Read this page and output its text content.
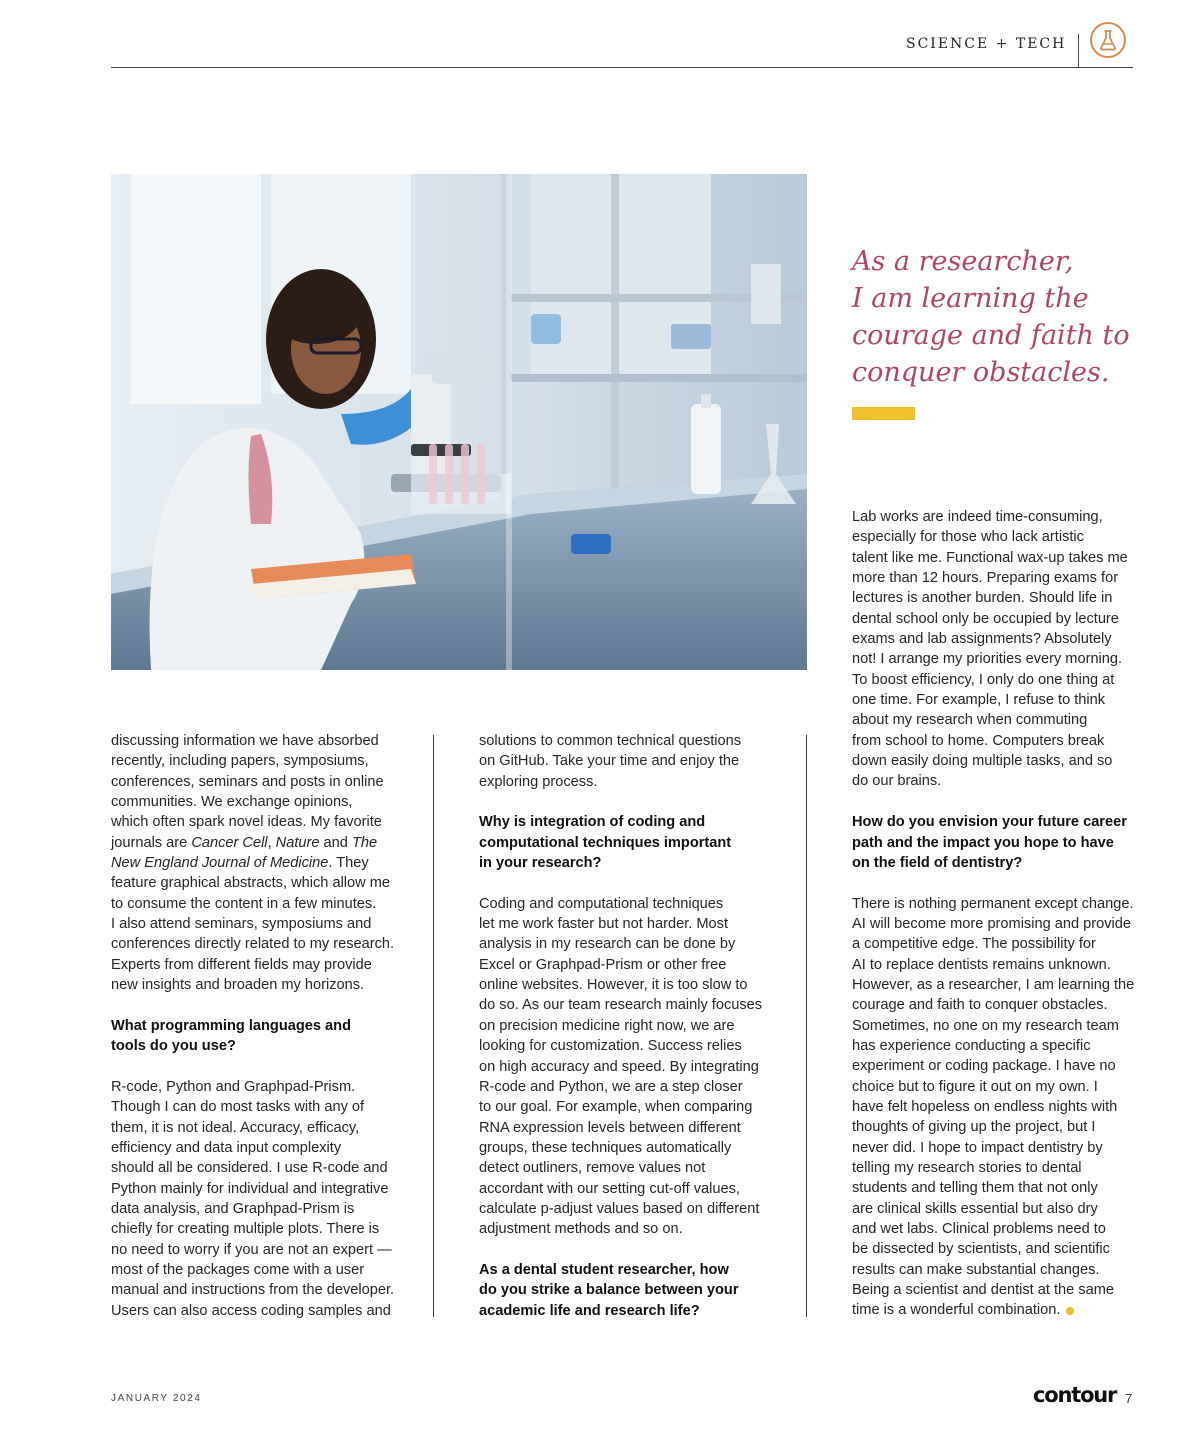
SCIENCE + TECH
As a researcher,
I am learning the
courage and faith to
conquer obstacles.
discussing information we have absorbed
recently, including papers, symposiums,
conferences, seminars and posts in online
communities. We exchange opinions,
which often spark novel ideas. My favorite
journals are Cancer Cell, Nature and The
New England Journal of Medicine. They
feature graphical abstracts, which allow me
to consume the content in a few minutes.
I also attend seminars, symposiums and
conferences directly related to my research.
Experts from different fields may provide
new insights and broaden my horizons.
What programming languages and
tools do you use?
R-code, Python and Graphpad-Prism.
Though I can do most tasks with any of
them, it is not ideal. Accuracy, efficacy,
efficiency and data input complexity
should all be considered. I use R-code and
Python mainly for individual and integrative
data analysis, and Graphpad-Prism is
chiefly for creating multiple plots. There is
no need to worry if you are not an expert —
most of the packages come with a user
manual and instructions from the developer.
Users can also access coding samples and
solutions to common technical questions
on GitHub. Take your time and enjoy the
exploring process.
Why is integration of coding and
computational techniques important
in your research?
Coding and computational techniques
let me work faster but not harder. Most
analysis in my research can be done by
Excel or Graphpad-Prism or other free
online websites. However, it is too slow to
do so. As our team research mainly focuses
on precision medicine right now, we are
looking for customization. Success relies
on high accuracy and speed. By integrating
R-code and Python, we are a step closer
to our goal. For example, when comparing
RNA expression levels between different
groups, these techniques automatically
detect outliners, remove values not
accordant with our setting cut-off values,
calculate p-adjust values based on different
adjustment methods and so on.
As a dental student researcher, how
do you strike a balance between your
academic life and research life?
Lab works are indeed time-consuming,
especially for those who lack artistic
talent like me. Functional wax-up takes me
more than 12 hours. Preparing exams for
lectures is another burden. Should life in
dental school only be occupied by lecture
exams and lab assignments? Absolutely
not! I arrange my priorities every morning.
To boost efficiency, I only do one thing at
one time. For example, I refuse to think
about my research when commuting
from school to home. Computers break
down easily doing multiple tasks, and so
do our brains.
How do you envision your future career
path and the impact you hope to have
on the field of dentistry?
There is nothing permanent except change.
AI will become more promising and provide
a competitive edge. The possibility for
AI to replace dentists remains unknown.
However, as a researcher, I am learning the
courage and faith to conquer obstacles.
Sometimes, no one on my research team
has experience conducting a specific
experiment or coding package. I have no
choice but to figure it out on my own. I
have felt hopeless on endless nights with
thoughts of giving up the project, but I
never did. I hope to impact dentistry by
telling my research stories to dental
students and telling them that not only
are clinical skills essential but also dry
and wet labs. Clinical problems need to
be dissected by scientists, and scientific
results can make substantial changes.
Being a scientist and dentist at the same
time is a wonderful combination.
JANUARY 2024	contour 7
